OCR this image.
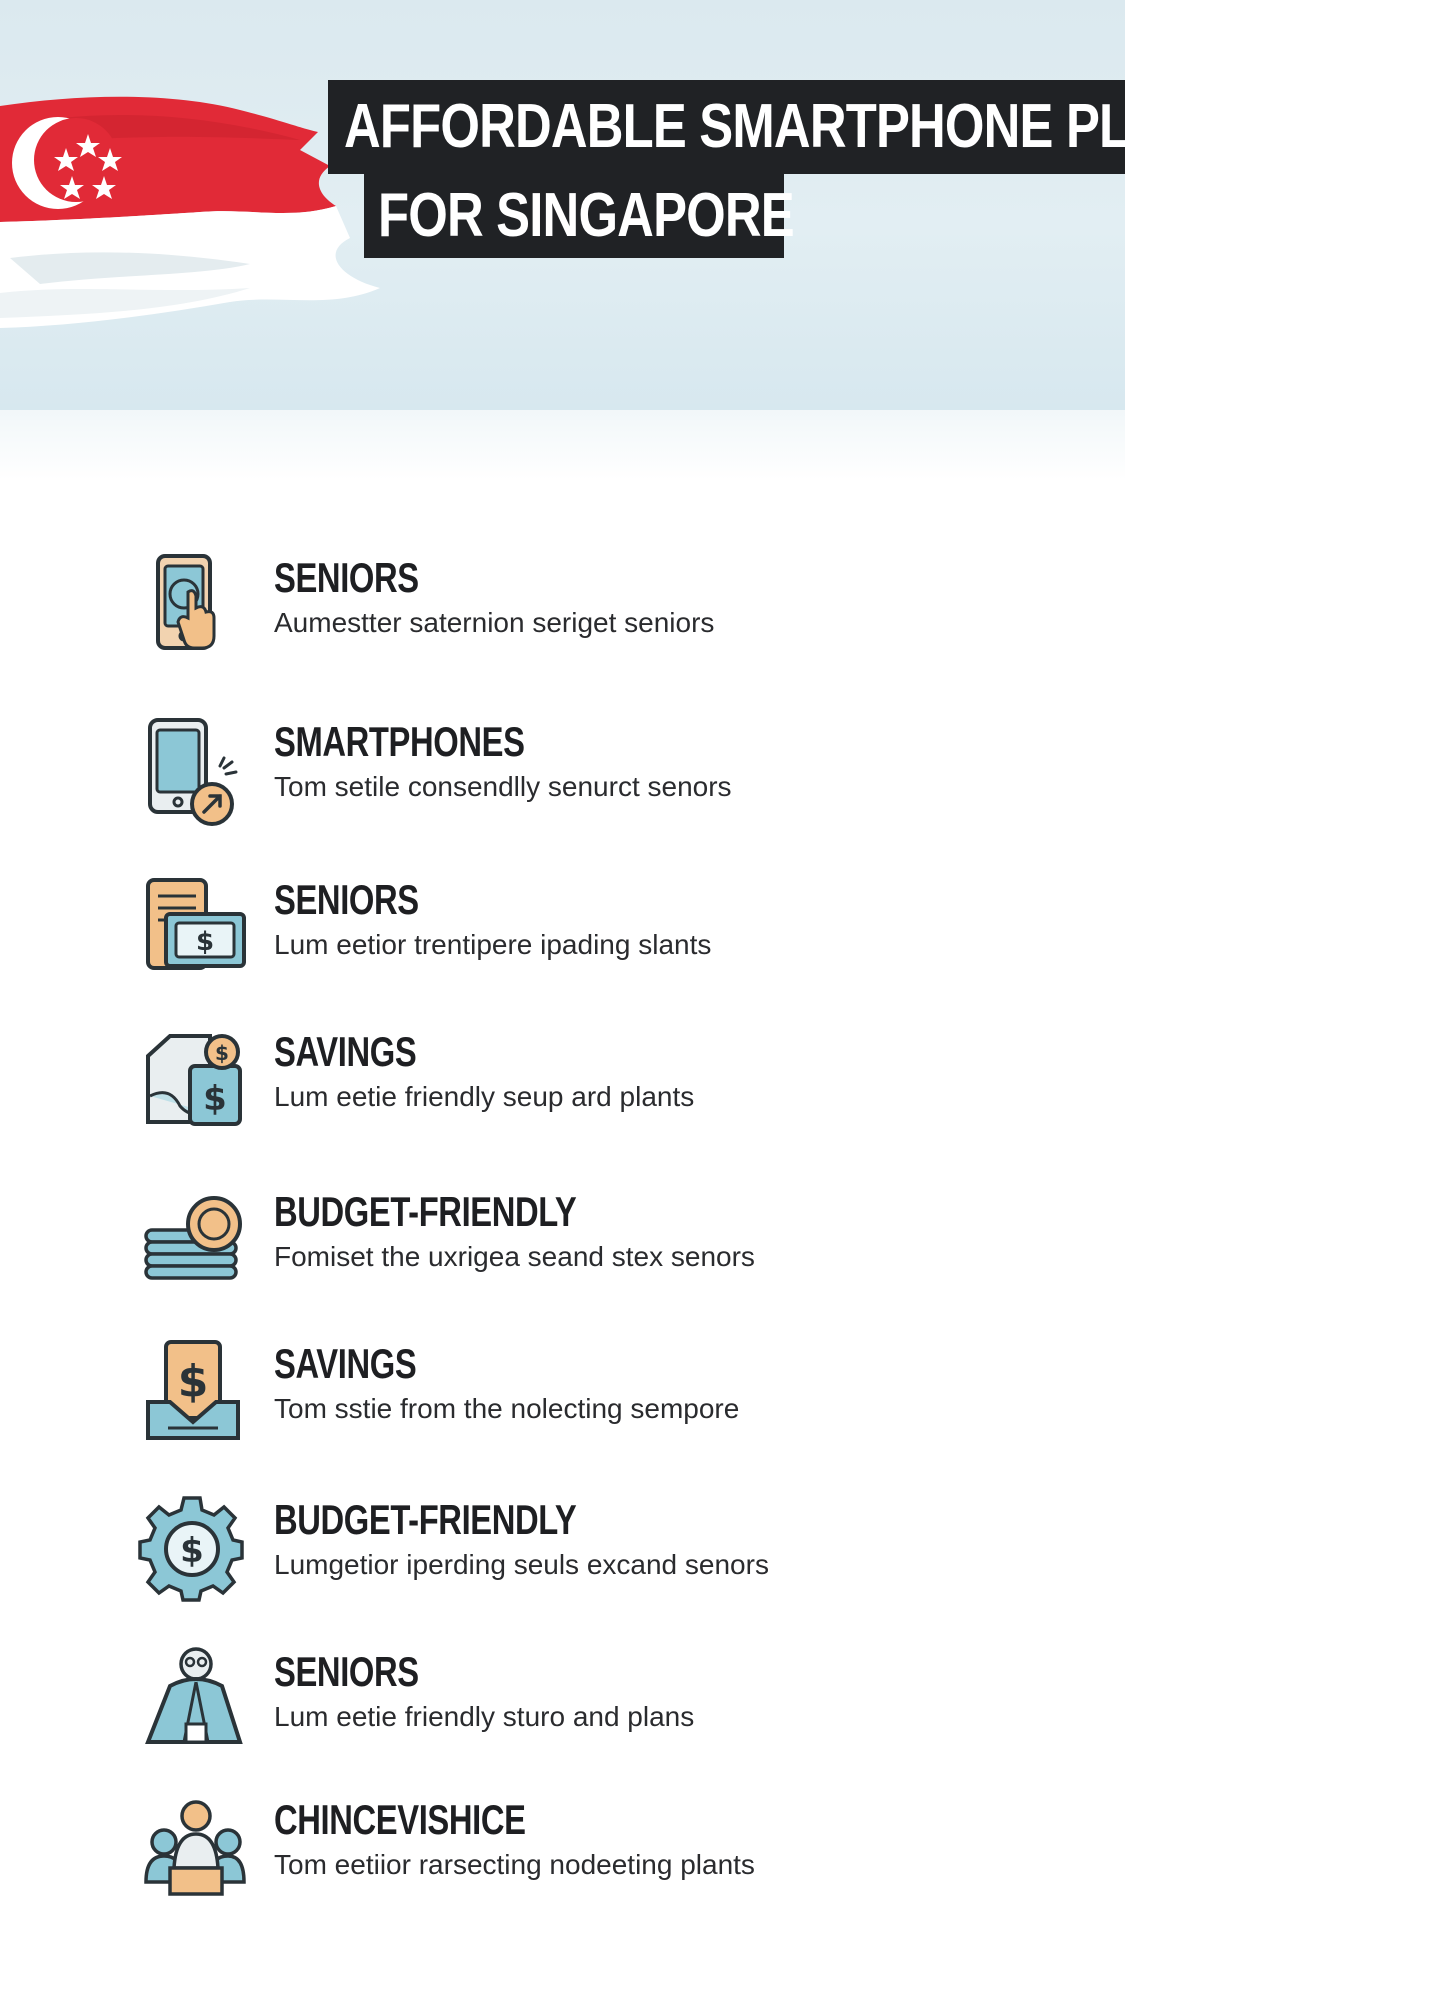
AFFORDABLE SMARTPHONE PLANS
FOR SINGAPORE
SENIORS
Aumestter saternion seriget seniors
SMARTPHONES
Tom setile consendlly senurct senors
$
SENIORS
Lum eetior trentipere ipading slants
$
$ SAVINGS
Lum eetie friendly seup ard plants
BUDGET-FRIENDLY
Fomiset the uxrigea seand stex senors
$ SAVINGS
Tom sstie from the nolecting sempore
$
BUDGET-FRIENDLY
Lumgetior iperding seuls excand senors
SENIORS
Lum eetie friendly sturo and plans
CHINCEVISHICE
Tom eetiior rarsecting nodeeting plants
